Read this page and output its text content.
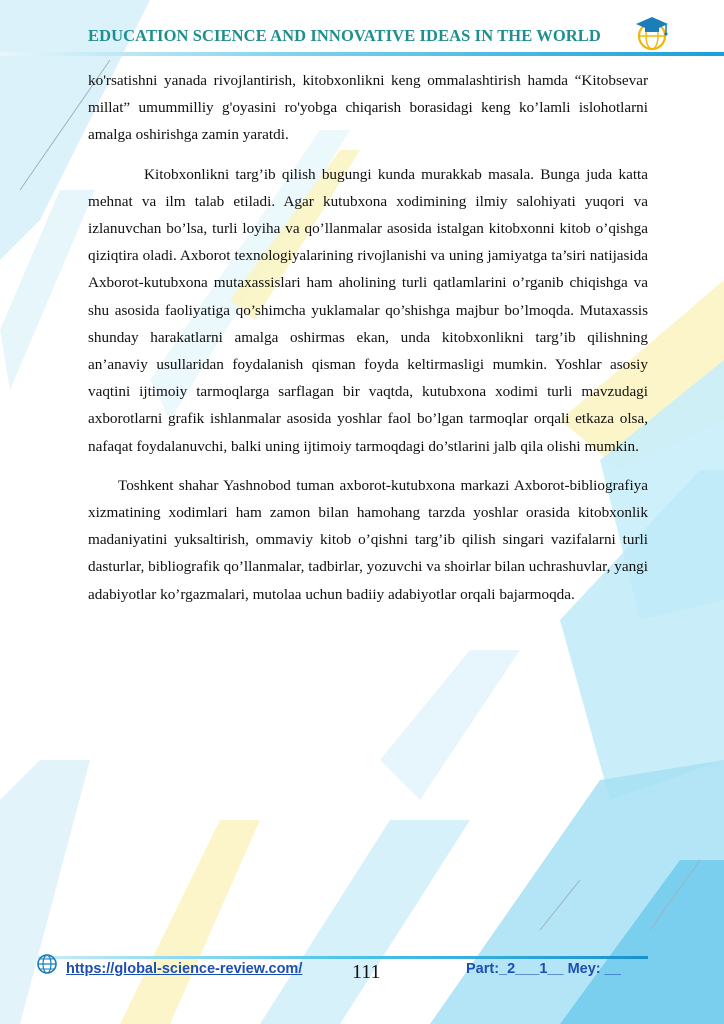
EDUCATION SCIENCE AND INNOVATIVE IDEAS IN THE WORLD

ko'rsatishni yanada rivojlantirish, kitobxonlikni keng ommalashtirish hamda “Kitobsevar millat” umummilliy g'oyasini ro'yobga chiqarish borasidagi keng ko’lamli islohotlarni amalga oshirishga zamin yaratdi.

Kitobxonlikni targ’ib qilish bugungi kunda murakkab masala. Bunga juda katta mehnat va ilm talab etiladi. Agar kutubxona xodimining ilmiy salohiyati yuqori va izlanuvchan bo’lsa, turli loyiha va qo’llanmalar asosida istalgan kitobxonni kitob o’qishga qiziqtira oladi. Axborot texnologiyalarining rivojlanishi va uning jamiyatga ta’siri natijasida Axborot-kutubxona mutaxassislari ham aholining turli qatlamlarini o’rganib chiqishga va shu asosida faoliyatiga qo’shimcha yuklamalar qo’shishga majbur bo’lmoqda. Mutaxassis shunday harakatlarni amalga oshirmas ekan, unda kitobxonlikni targ’ib qilishning an’anaviy usullaridan foydalanish qisman foyda keltirmasligi mumkin. Yoshlar asosiy vaqtini ijtimoiy tarmoqlarga sarflagan bir vaqtda, kutubxona xodimi turli mavzudagi axborotlarni grafik ishlanmalar asosida yoshlar faol bo’lgan tarmoqlar orqali etkaza olsa, nafaqat foydalanuvchi, balki uning ijtimoiy tarmoqdagi do’stlarini jalb qila olishi mumkin.

Toshkent shahar Yashnobod tuman axborot-kutubxona markazi Axborot-bibliografiya xizmatining xodimlari ham zamon bilan hamohang tarzda yoshlar orasida kitobxonlik madaniyatini yuksaltirish, ommaviy kitob o’qishni targ’ib qilish singari vazifalarni turli dasturlar, bibliografik qo’llanmalar, tadbirlar, yozuvchi va shoirlar bilan uchrashuvlar, yangi adabiyotlar ko’rgazmalari, mutolaa uchun badiiy adabiyotlar orqali bajarmoqda.

https://global-science-review.com/ 111	Part:_2___1__ Mey: __
